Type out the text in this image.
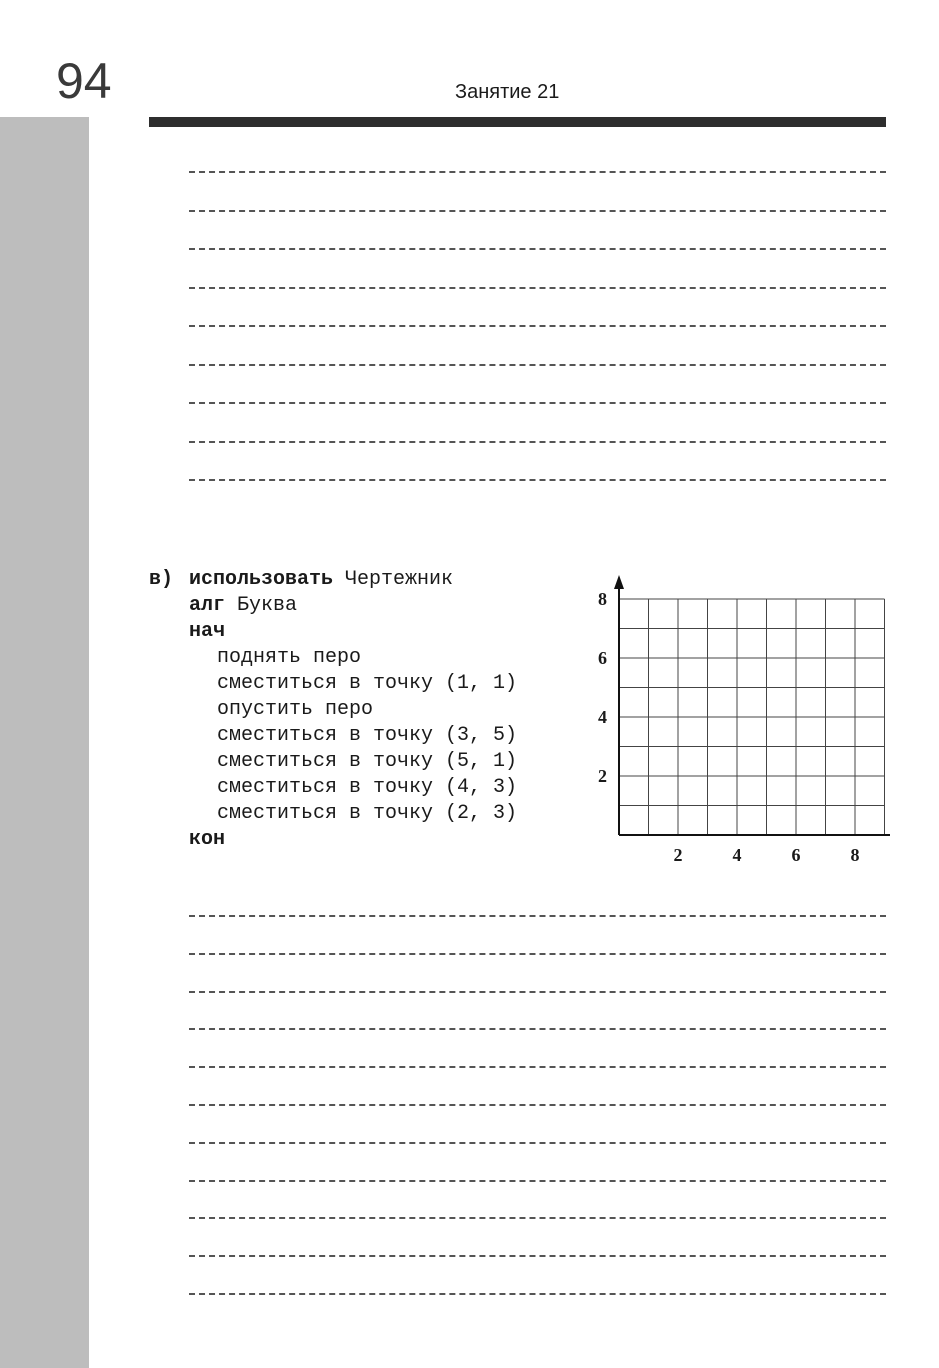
94	Занятие 21
в) использовать Чертежник
алг Буква
нач
поднять перо
сместиться в точку (1, 1)
опустить перо
сместиться в точку (3, 5)
сместиться в точку (5, 1)
сместиться в точку (4, 3)
сместиться в точку (2, 3)
кон
2	4	6	8
2
4
6
8
